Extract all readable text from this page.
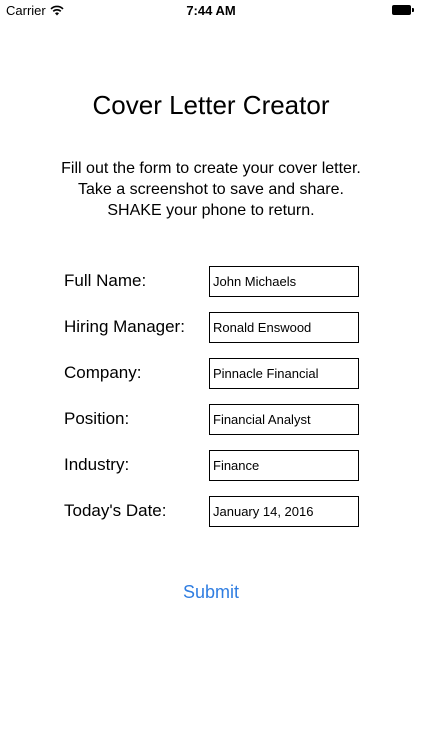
Carrier	7:44 AM
Cover Letter Creator
Fill out the form to create your cover letter.
Take a screenshot to save and share.
SHAKE your phone to return.
Full Name:
John Michaels
Hiring Manager:
Ronald Enswood
Company:
Pinnacle Financial
Position:
Financial Analyst
Industry:
Finance
Today's Date:
January 14, 2016
Submit
